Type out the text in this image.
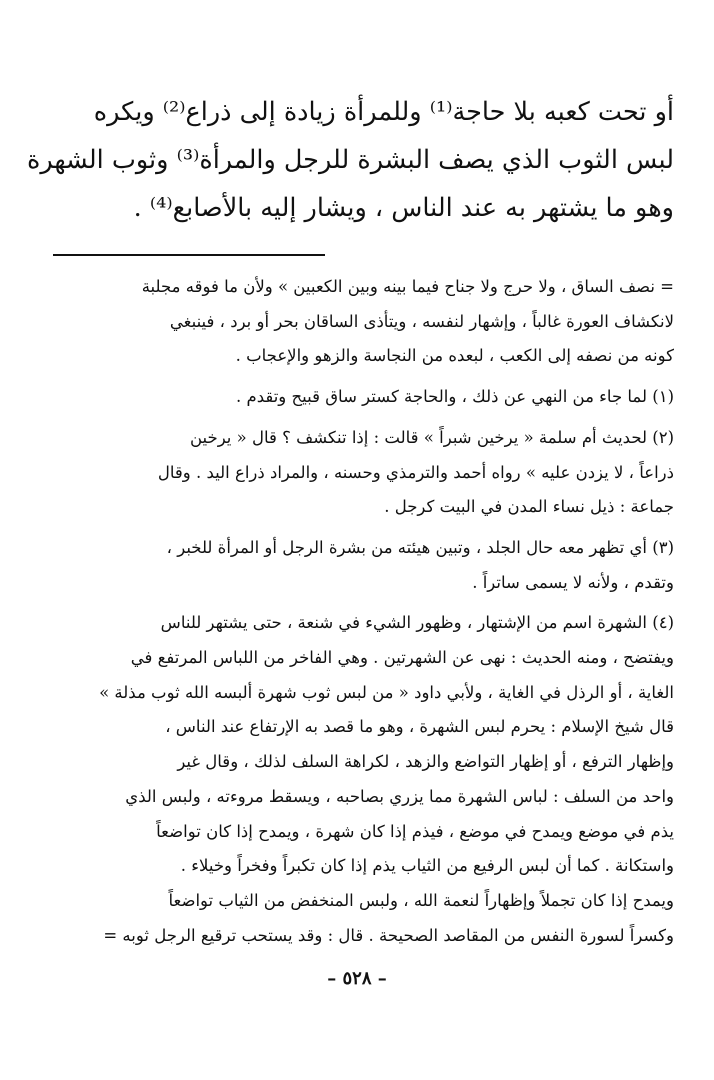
أو تحت كعبه بلا حاجة⁽¹⁾ وللمرأة زيادة إلى ذراع⁽²⁾ ويكره
لبس الثوب الذي يصف البشرة للرجل والمرأة⁽³⁾ وثوب الشهرة
وهو ما يشتهر به عند الناس ، ويشار إليه بالأصابع⁽⁴⁾ .

= نصف الساق ، ولا حرج ولا جناح فيما بينه وبين الكعبين » ولأن ما فوقه مجلبة
لانكشاف العورة غالباً ، وإشهار لنفسه ، ويتأذى الساقان بحر أو برد ، فينبغي
كونه من نصفه إلى الكعب ، لبعده من النجاسة والزهو والإعجاب .

(١) لما جاء من النهي عن ذلك ، والحاجة كستر ساق قبيح وتقدم .

(٢) لحديث أم سلمة « يرخين شبراً » قالت : إذا تنكشف ؟ قال « يرخين
ذراعاً ، لا يزدن عليه » رواه أحمد والترمذي وحسنه ، والمراد ذراع اليد . وقال
جماعة : ذيل نساء المدن في البيت كرجل .

(٣) أي تظهر معه حال الجلد ، وتبين هيئته من بشرة الرجل أو المرأة للخبر ،
وتقدم ، ولأنه لا يسمى ساتراً .

(٤) الشهرة اسم من الإشتهار ، وظهور الشيء في شنعة ، حتى يشتهر للناس
ويفتضح ، ومنه الحديث : نهى عن الشهرتين . وهي الفاخر من اللباس المرتفع في
الغاية ، أو الرذل في الغاية ، ولأبي داود « من لبس ثوب شهرة ألبسه الله ثوب مذلة »
قال شيخ الإسلام : يحرم لبس الشهرة ، وهو ما قصد به الإرتفاع عند الناس ،
وإظهار الترفع ، أو إظهار التواضع والزهد ، لكراهة السلف لذلك ، وقال غير
واحد من السلف : لباس الشهرة مما يزري بصاحبه ، ويسقط مروءته ، ولبس الذي
يذم في موضع ويمدح في موضع ، فيذم إذا كان شهرة ، ويمدح إذا كان تواضعاً
واستكانة . كما أن لبس الرفيع من الثياب يذم إذا كان تكبراً وفخراً وخيلاء .
ويمدح إذا كان تجملاً وإظهاراً لنعمة الله ، ولبس المنخفض من الثياب تواضعاً
وكسراً لسورة النفس من المقاصد الصحيحة . قال : وقد يستحب ترقيع الرجل ثوبه =

– ٥٢٨ –
